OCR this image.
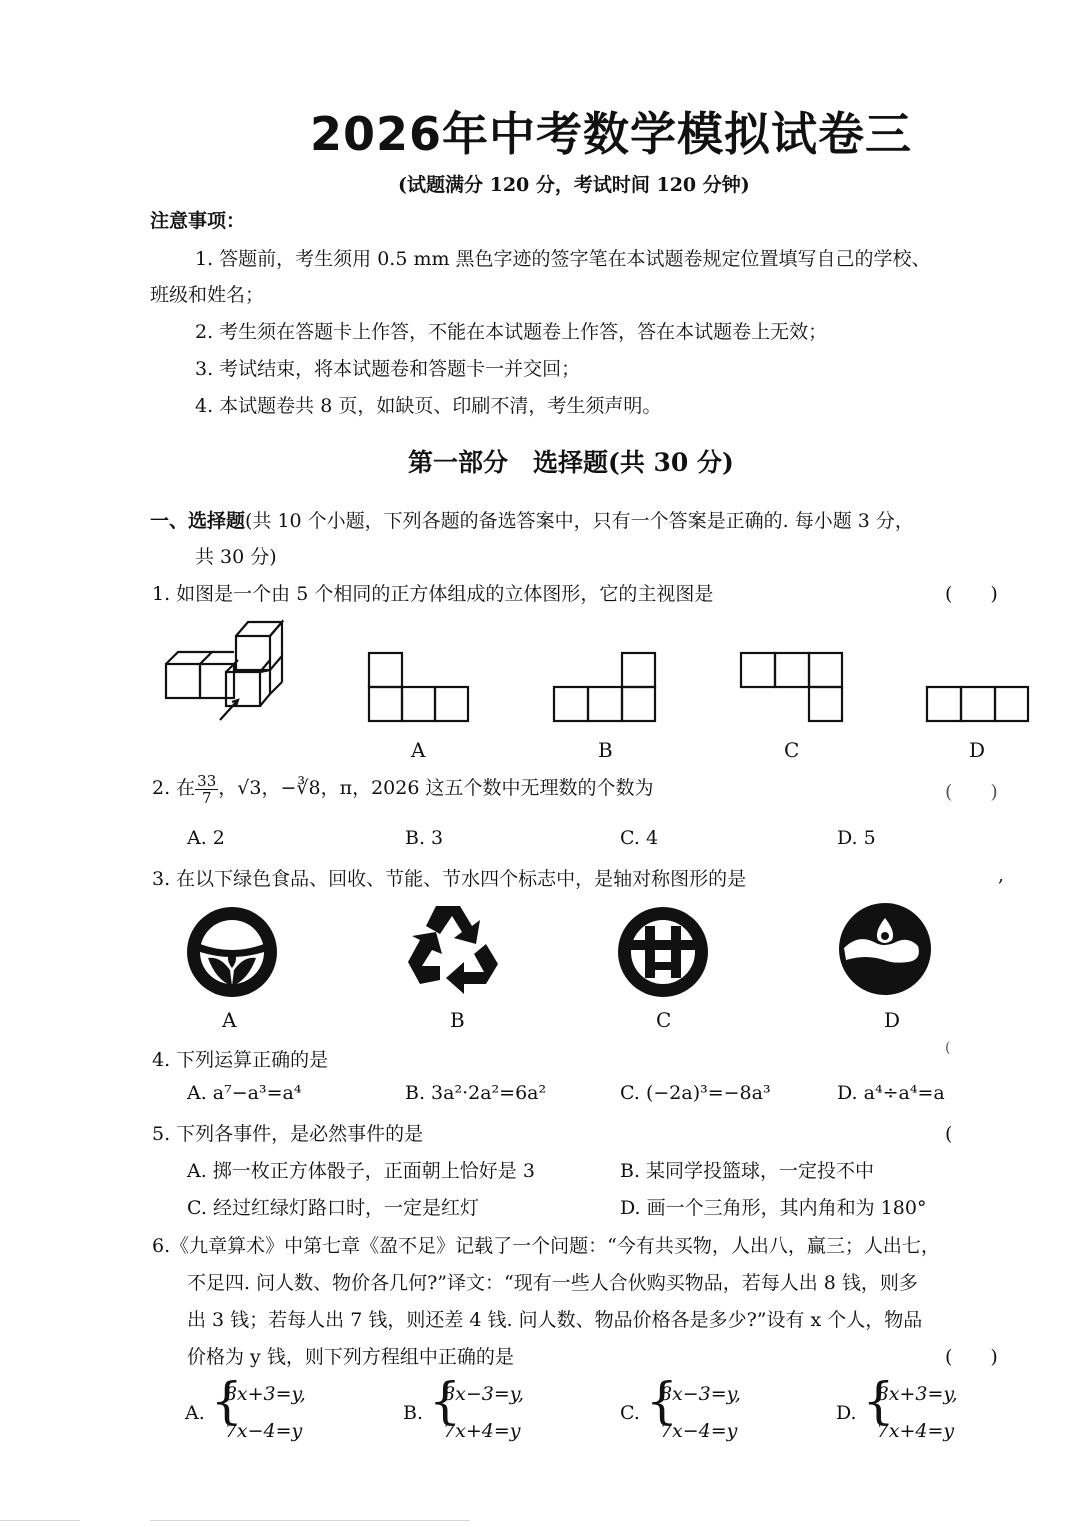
2026年中考数学模拟试卷三
(试题满分 120 分，考试时间 120 分钟)
注意事项：
1. 答题前，考生须用 0.5 mm 黑色字迹的签字笔在本试题卷规定位置填写自己的学校、
班级和姓名；
2. 考生须在答题卡上作答，不能在本试题卷上作答，答在本试题卷上无效；
3. 考试结束，将本试题卷和答题卡一并交回；
4. 本试题卷共 8 页，如缺页、印刷不清，考生须声明。
第一部分　选择题(共 30 分)
一、选择题(共 10 个小题，下列各题的备选答案中，只有一个答案是正确的. 每小题 3 分，
共 30 分)
1. 如图是一个由 5 个相同的正方体组成的立体图形，它的主视图是	(　　)
A	B	C	D
2. 在 $\frac{33}{7}$ ，√3，−∛8，π，2026 这五个数中无理数的个数为	(　　)
A. 2	B. 3	C. 4	D. 5
3. 在以下绿色食品、回收、节能、节水四个标志中，是轴对称图形的是	,
A	B	C	D
4. 下列运算正确的是
(
A. a⁷−a³=a⁴	B. 3a²·2a²=6a²	C. (−2a)³=−8a³	D. a⁴÷a⁴=a
5. 下列各事件，是必然事件的是	(　　
A. 掷一枚正方体骰子，正面朝上恰好是 3	B. 某同学投篮球，一定投不中
C. 经过红绿灯路口时，一定是红灯	D. 画一个三角形，其内角和为 180°
6.《九章算术》中第七章《盈不足》记载了一个问题：“今有共买物，人出八，赢三；人出七，
不足四. 问人数、物价各几何?”译文：“现有一些人合伙购买物品，若每人出 8 钱，则多
出 3 钱；若每人出 7 钱，则还差 4 钱. 问人数、物品价格各是多少?”设有 x 个人，物品
价格为 y 钱，则下列方程组中正确的是	(　　)
A. {
8x+3=y,
7x−4=y
B. {
8x−3=y,
7x+4=y
C. {
8x−3=y,
7x−4=y
D. {
8x+3=y,
7x+4=y
